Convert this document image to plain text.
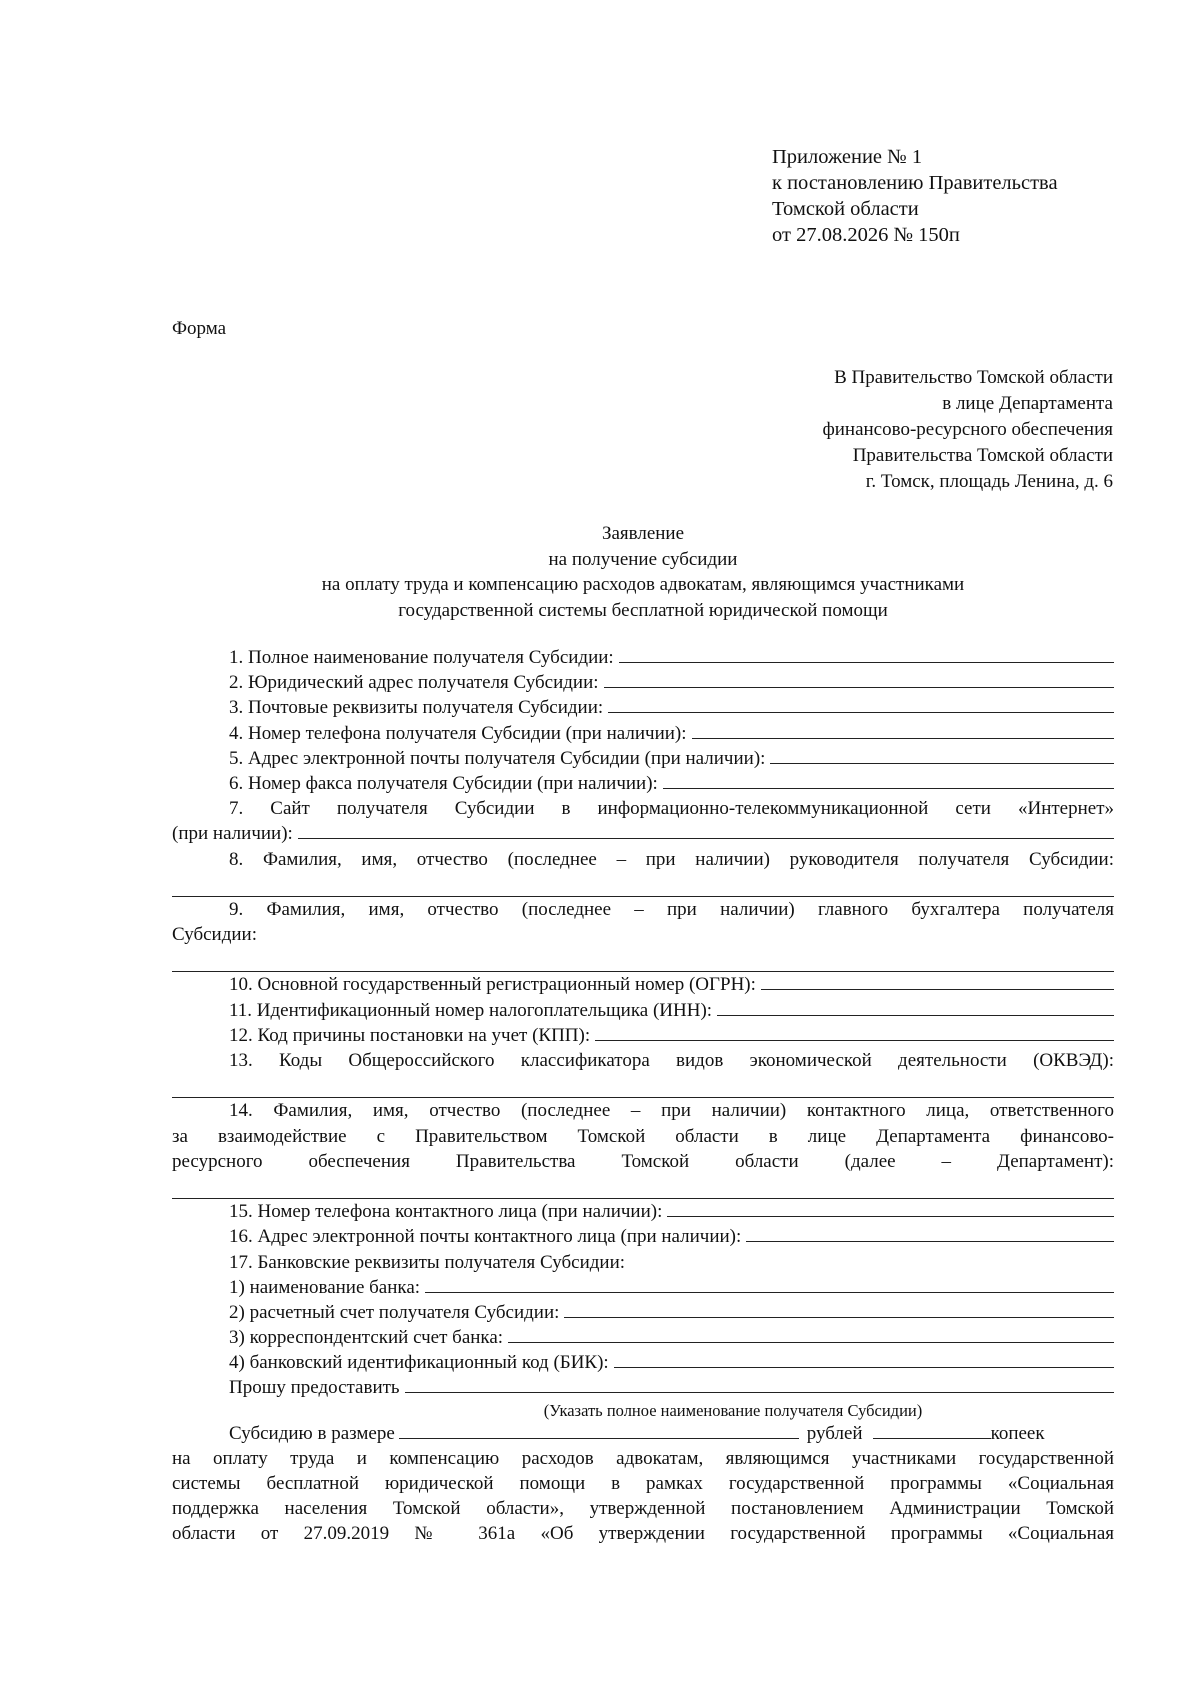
Приложение № 1
к постановлению Правительства
Томской области
от 27.08.2026 № 150п
Форма
В Правительство Томской области
в лице Департамента
финансово-ресурсного обеспечения
Правительства Томской области
г. Томск, площадь Ленина, д. 6
Заявление
на получение субсидии
на оплату труда и компенсацию расходов адвокатам, являющимся участниками
государственной системы бесплатной юридической помощи
1. Полное наименование получателя Субсидии:
2. Юридический адрес получателя Субсидии:
3. Почтовые реквизиты получателя Субсидии:
4. Номер телефона получателя Субсидии (при наличии):
5. Адрес электронной почты получателя Субсидии (при наличии):
6. Номер факса получателя Субсидии (при наличии):
7. Сайт получателя Субсидии в информационно-телекоммуникационной сети «Интернет»
(при наличии):
8. Фамилия, имя, отчество (последнее – при наличии) руководителя получателя Субсидии:
9. Фамилия, имя, отчество (последнее – при наличии) главного бухгалтера получателя
Субсидии:
10. Основной государственный регистрационный номер (ОГРН):
11. Идентификационный номер налогоплательщика (ИНН):
12. Код причины постановки на учет (КПП):
13. Коды Общероссийского классификатора видов экономической деятельности (ОКВЭД):
14. Фамилия, имя, отчество (последнее – при наличии) контактного лица, ответственного
за взаимодействие с Правительством Томской области в лице Департамента финансово-
ресурсного обеспечения Правительства Томской области (далее – Департамент):
15. Номер телефона контактного лица (при наличии):
16. Адрес электронной почты контактного лица (при наличии):
17. Банковские реквизиты получателя Субсидии:
1) наименование банка:
2) расчетный счет получателя Субсидии:
3) корреспондентский счет банка:
4) банковский идентификационный код (БИК):
Прошу предоставить
(Указать полное наименование получателя Субсидии)
Субсидию в размере	рублей	копеек
на оплату труда и компенсацию расходов адвокатам, являющимся участниками государственной
системы бесплатной юридической помощи в рамках государственной программы «Социальная
поддержка населения Томской области», утвержденной постановлением Администрации Томской
области от 27.09.2019 № 361а «Об утверждении государственной программы «Социальная
